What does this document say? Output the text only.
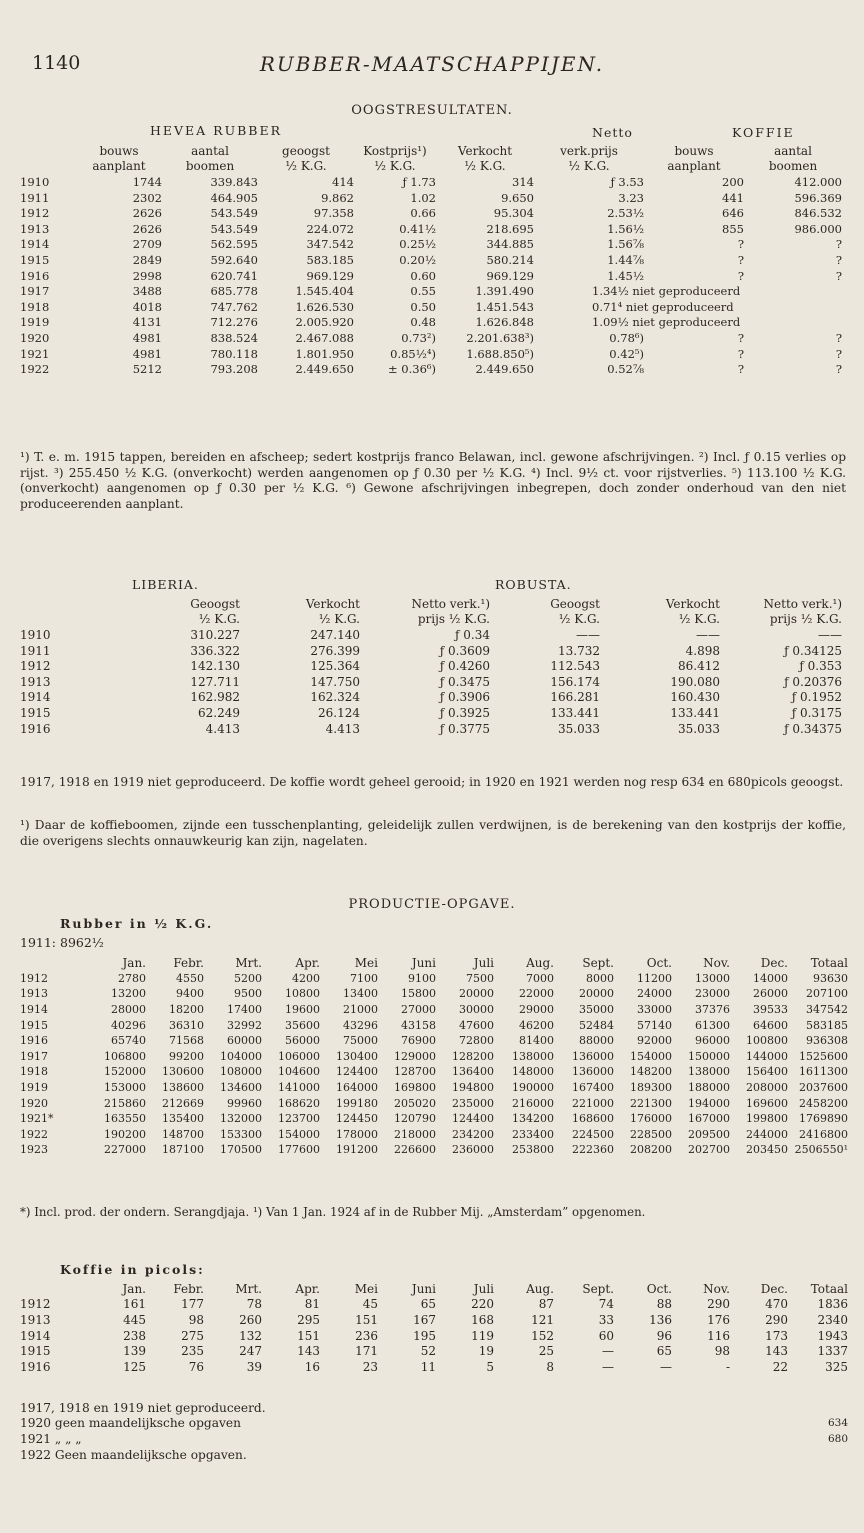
1140	RUBBER-MAATSCHAPPIJEN.
OOGSTRESULTATEN.
HEVEA RUBBER	Netto	KOFFIE
	bouws	aantal	geoogst	Kostprijs¹)	Verkocht	verk.prijs	bouws	aantal
	aanplant	boomen	½ K.G.	½ K.G.	½ K.G.	½ K.G.	aanplant	boomen
1910	1744	339.843	414	ƒ 1.73	314	ƒ 3.53	200	412.000
1911	2302	464.905	9.862	1.02	9.650	3.23	441	596.369
1912	2626	543.549	97.358	0.66	95.304	2.53½	646	846.532
1913	2626	543.549	224.072	0.41½	218.695	1.56½	855	986.000
1914	2709	562.595	347.542	0.25½	344.885	1.56⅞	?	?
1915	2849	592.640	583.185	0.20½	580.214	1.44⅞	?	?
1916	2998	620.741	969.129	0.60	969.129	1.45½	?	?
1917	3488	685.778	1.545.404	0.55	1.391.490	1.34½ niet geproduceerd		
1918	4018	747.762	1.626.530	0.50	1.451.543	0.71⁴ niet geproduceerd		
1919	4131	712.276	2.005.920	0.48	1.626.848	1.09½ niet geproduceerd		
1920	4981	838.524	2.467.088	0.73²)	2.201.638³)	0.78⁶)	?	?
1921	4981	780.118	1.801.950	0.85½⁴)	1.688.850⁵)	0.42⁵)	?	?
1922	5212	793.208	2.449.650	± 0.36⁶)	2.449.650	0.52⅞	?	?
¹) T. e. m. 1915 tappen, bereiden en afscheep; sedert kostprijs franco Belawan, incl. gewone afschrijvingen. ²) Incl. ƒ 0.15 verlies op rijst. ³) 255.450 ½ K.G. (onverkocht) werden aangenomen op ƒ 0.30 per ½ K.G. ⁴) Incl. 9½ ct. voor rijstverlies. ⁵) 113.100 ½ K.G. (onverkocht) aangenomen op ƒ 0.30 per ½ K.G. ⁶) Gewone afschrijvingen inbegrepen, doch zonder onderhoud van den niet produceerenden aanplant.
LIBERIA.	ROBUSTA.
	Geoogst	Verkocht	Netto verk.¹)	Geoogst	Verkocht	Netto verk.¹)
	½ K.G.	½ K.G.	prijs ½ K.G.	½ K.G.	½ K.G.	prijs ½ K.G.
1910	310.227	247.140	ƒ 0.34	——	——	——
1911	336.322	276.399	ƒ 0.3609	13.732	4.898	ƒ 0.34125
1912	142.130	125.364	ƒ 0.4260	112.543	86.412	ƒ 0.353
1913	127.711	147.750	ƒ 0.3475	156.174	190.080	ƒ 0.20376
1914	162.982	162.324	ƒ 0.3906	166.281	160.430	ƒ 0.1952
1915	62.249	26.124	ƒ 0.3925	133.441	133.441	ƒ 0.3175
1916	4.413	4.413	ƒ 0.3775	35.033	35.033	ƒ 0.34375
1917, 1918 en 1919 niet geproduceerd. De koffie wordt geheel gerooid; in 1920 en 1921 werden nog resp 634 en 680picols geoogst.
¹) Daar de koffieboomen, zijnde een tusschenplanting, geleidelijk zullen verdwijnen, is de berekening van den kostprijs der koffie, die overigens slechts onnauwkeurig kan zijn, nagelaten.
PRODUCTIE-OPGAVE.
Rubber in ½ K.G.
1911: 8962½
	Jan.	Febr.	Mrt.	Apr.	Mei	Juni	Juli	Aug.	Sept.	Oct.	Nov.	Dec.	Totaal
1912	2780	4550	5200	4200	7100	9100	7500	7000	8000	11200	13000	14000	93630
1913	13200	9400	9500	10800	13400	15800	20000	22000	20000	24000	23000	26000	207100
1914	28000	18200	17400	19600	21000	27000	30000	29000	35000	33000	37376	39533	347542
1915	40296	36310	32992	35600	43296	43158	47600	46200	52484	57140	61300	64600	583185
1916	65740	71568	60000	56000	75000	76900	72800	81400	88000	92000	96000	100800	936308
1917	106800	99200	104000	106000	130400	129000	128200	138000	136000	154000	150000	144000	1525600
1918	152000	130600	108000	104600	124400	128700	136400	148000	136000	148200	138000	156400	1611300
1919	153000	138600	134600	141000	164000	169800	194800	190000	167400	189300	188000	208000	2037600
1920	215860	212669	99960	168620	199180	205020	235000	216000	221000	221300	194000	169600	2458200
1921*	163550	135400	132000	123700	124450	120790	124400	134200	168600	176000	167000	199800	1769890
1922	190200	148700	153300	154000	178000	218000	234200	233400	224500	228500	209500	244000	2416800
1923	227000	187100	170500	177600	191200	226600	236000	253800	222360	208200	202700	203450	2506550¹
*) Incl. prod. der ondern. Serangdjaja. ¹) Van 1 Jan. 1924 af in de Rubber Mij. „Amsterdam” opgenomen.
Koffie in picols:
	Jan.	Febr.	Mrt.	Apr.	Mei	Juni	Juli	Aug.	Sept.	Oct.	Nov.	Dec.	Totaal
1912	161	177	78	81	45	65	220	87	74	88	290	470	1836
1913	445	98	260	295	151	167	168	121	33	136	176	290	2340
1914	238	275	132	151	236	195	119	152	60	96	116	173	1943
1915	139	235	247	143	171	52	19	25	—	65	98	143	1337
1916	125	76	39	16	23	11	5	8	—	—	-	22	325
1917, 1918 en 1919 niet geproduceerd.	
1920 geen maandelijksche opgaven	634
1921 „ „ „	680
1922 Geen maandelijksche opgaven.	
